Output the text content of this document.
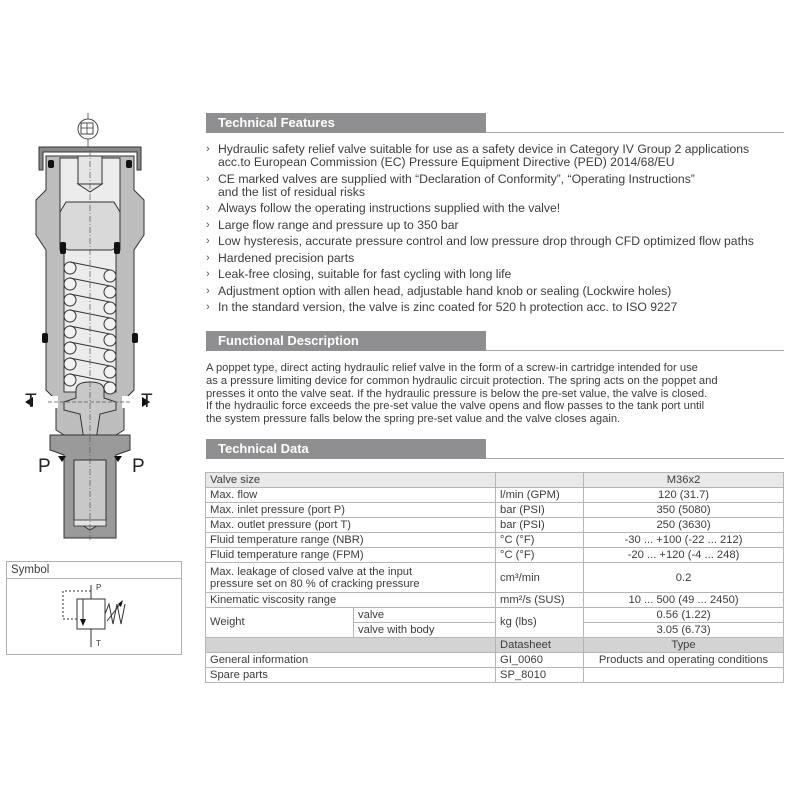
Technical Features
› Hydraulic safety relief valve suitable for use as a safety device in Category IV Group 2 applications
acc.to European Commission (EC) Pressure Equipment Directive (PED) 2014/68/EU
› CE marked valves are supplied with “Declaration of Conformity”, “Operating Instructions”
and the list of residual risks
› Always follow the operating instructions supplied with the valve!
› Large flow range and pressure up to 350 bar
› Low hysteresis, accurate pressure control and low pressure drop through CFD optimized flow paths
› Hardened precision parts
› Leak-free closing, suitable for fast cycling with long life
› Adjustment option with allen head, adjustable hand knob or sealing (Lockwire holes)
› In the standard version, the valve is zinc coated for 520 h protection acc. to ISO 9227
Functional Description

A poppet type, direct acting hydraulic relief valve in the form of a screw-in cartridge intended for use

as a pressure limiting device for common hydraulic circuit protection. The spring acts on the poppet and

presses it onto the valve seat. If the hydraulic pressure is below the pre-set value, the valve is closed.

If the hydraulic force exceeds the pre-set value the valve opens and flow passes to the tank port until

the system pressure falls below the spring pre-set value and the valve closes again.

Technical Data
Valve size			M36x2
Max. flow		l/min (GPM)	120 (31.7)
Max. inlet pressure (port P)		bar (PSI)	350 (5080)
Max. outlet pressure (port T)		bar (PSI)	250 (3630)
Fluid temperature range (NBR)		°C (°F)	-30 ... +100 (-22 ... 212)
Fluid temperature range (FPM)		°C (°F)	-20 ... +120 (-4 ... 248)
Max. leakage of closed valve at the input
pressure set on 80 % of cracking pressure		cm³/min	0.2
Kinematic viscosity range		mm²/s (SUS)	10 ... 500 (49 ... 2450)
Weight	valve	kg (lbs)	0.56 (1.22)
	valve with body		3.05 (6.73)
		Datasheet	Type
General information		GI_0060	Products and operating conditions
Spare parts		SP_8010	
T	T
P	P
Symbol
P
T
